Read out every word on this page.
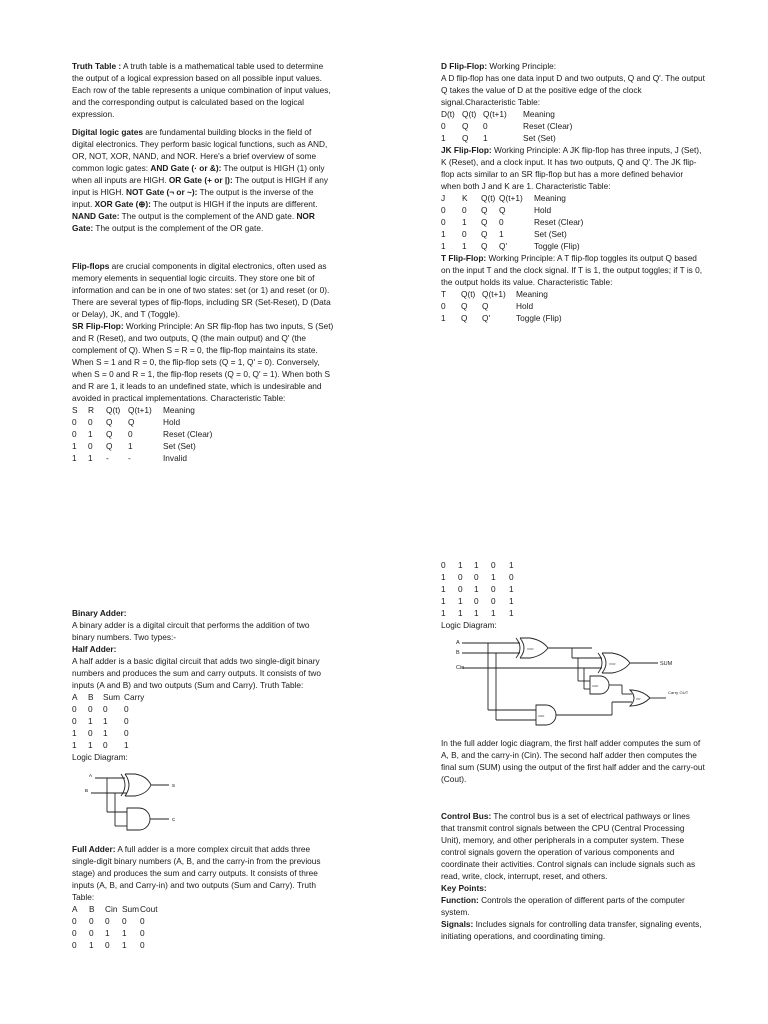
Truth Table : A truth table is a mathematical table used to determine the output of a logical expression based on all possible input values. Each row of the table represents a unique combination of input values, and the corresponding output is calculated based on the logical expression.

Digital logic gates are fundamental building blocks in the field of digital electronics. They perform basic logical functions, such as AND, OR, NOT, XOR, NAND, and NOR. Here's a brief overview of some common logic gates: AND Gate (· or &): The output is HIGH (1) only when all inputs are HIGH. OR Gate (+ or |): The output is HIGH if any input is HIGH. NOT Gate (¬ or ~): The output is the inverse of the input. XOR Gate (⊕): The output is HIGH if the inputs are different. NAND Gate: The output is the complement of the AND gate. NOR Gate: The output is the complement of the OR gate.

Flip-flops are crucial components in digital electronics, often used as memory elements in sequential logic circuits. They store one bit of information and can be in one of two states: set (or 1) and reset (or 0). There are several types of flip-flops, including SR (Set-Reset), D (Data or Delay), JK, and T (Toggle).

SR Flip-Flop: Working Principle: An SR flip-flop has two inputs, S (Set) and R (Reset), and two outputs, Q (the main output) and Q' (the complement of Q). When S = R = 0, the flip-flop maintains its state. When S = 1 and R = 0, the flip-flop sets (Q = 1, Q' = 0). Conversely, when S = 0 and R = 1, the flip-flop resets (Q = 0, Q' = 1). When both S and R are 1, it leads to an undefined state, which is undesirable and avoided in practical implementations. Characteristic Table:

S	R	Q(t)	Q(t+1)	Meaning
0	0	Q	Q	Hold
0	1	Q	0	Reset (Clear)
1	0	Q	1	Set (Set)
1	1	-	-	Invalid

Binary Adder:

A binary adder is a digital circuit that performs the addition of two binary numbers. Two types:-

Half Adder:

A half adder is a basic digital circuit that adds two single-digit binary numbers and produces the sum and carry outputs. It consists of two inputs (A and B) and two outputs (Sum and Carry). Truth Table:

A	B	Sum	Carry
0	0	0	0
0	1	1	0
1	0	1	0
1	1	0	1

Logic Diagram:

A
B
S
C

Full Adder: A full adder is a more complex circuit that adds three single-digit binary numbers (A, B, and the carry-in from the previous stage) and produces the sum and carry outputs. It consists of three inputs (A, B, and Carry-in) and two outputs (Sum and Carry). Truth Table:

A	B	Cin	Sum	Cout
0	0	0	0	0
0	0	1	1	0
0	1	0	1	0

D Flip-Flop: Working Principle:

A D flip-flop has one data input D and two outputs, Q and Q'. The output Q takes the value of D at the positive edge of the clock signal.Characteristic Table:

D(t)	Q(t)	Q(t+1)	Meaning
0	Q	0	Reset (Clear)
1	Q	1	Set (Set)

JK Flip-Flop: Working Principle: A JK flip-flop has three inputs, J (Set), K (Reset), and a clock input. It has two outputs, Q and Q'. The JK flip-flop acts similar to an SR flip-flop but has a more defined behavior when both J and K are 1. Characteristic Table:

J	K	Q(t)	Q(t+1)	Meaning
0	0	Q	Q	Hold
0	1	Q	0	Reset (Clear)
1	0	Q	1	Set (Set)
1	1	Q	Q'	Toggle (Flip)

T Flip-Flop: Working Principle: A T flip-flop toggles its output Q based on the input T and the clock signal. If T is 1, the output toggles; if T is 0, the output holds its value. Characteristic Table:

T	Q(t)	Q(t+1)	Meaning
0	Q	Q	Hold
1	Q	Q'	Toggle (Flip)
0	1	1	0	1
1	0	0	1	0
1	0	1	0	1
1	1	0	0	1
1	1	1	1	1

Logic Diagram:

A
B
Cin
SUM
XOR
XOR
AND
AND
OR
Carry OUT

In the full adder logic diagram, the first half adder computes the sum of A, B, and the carry-in (Cin). The second half adder then computes the final sum (SUM) using the output of the first half adder and the carry-out (Cout).

Control Bus: The control bus is a set of electrical pathways or lines that transmit control signals between the CPU (Central Processing Unit), memory, and other peripherals in a computer system. These control signals govern the operation of various components and coordinate their activities. Control signals can include signals such as read, write, clock, interrupt, reset, and others.

Key Points:

Function: Controls the operation of different parts of the computer system.

Signals: Includes signals for controlling data transfer, signaling events, initiating operations, and coordinating timing.
